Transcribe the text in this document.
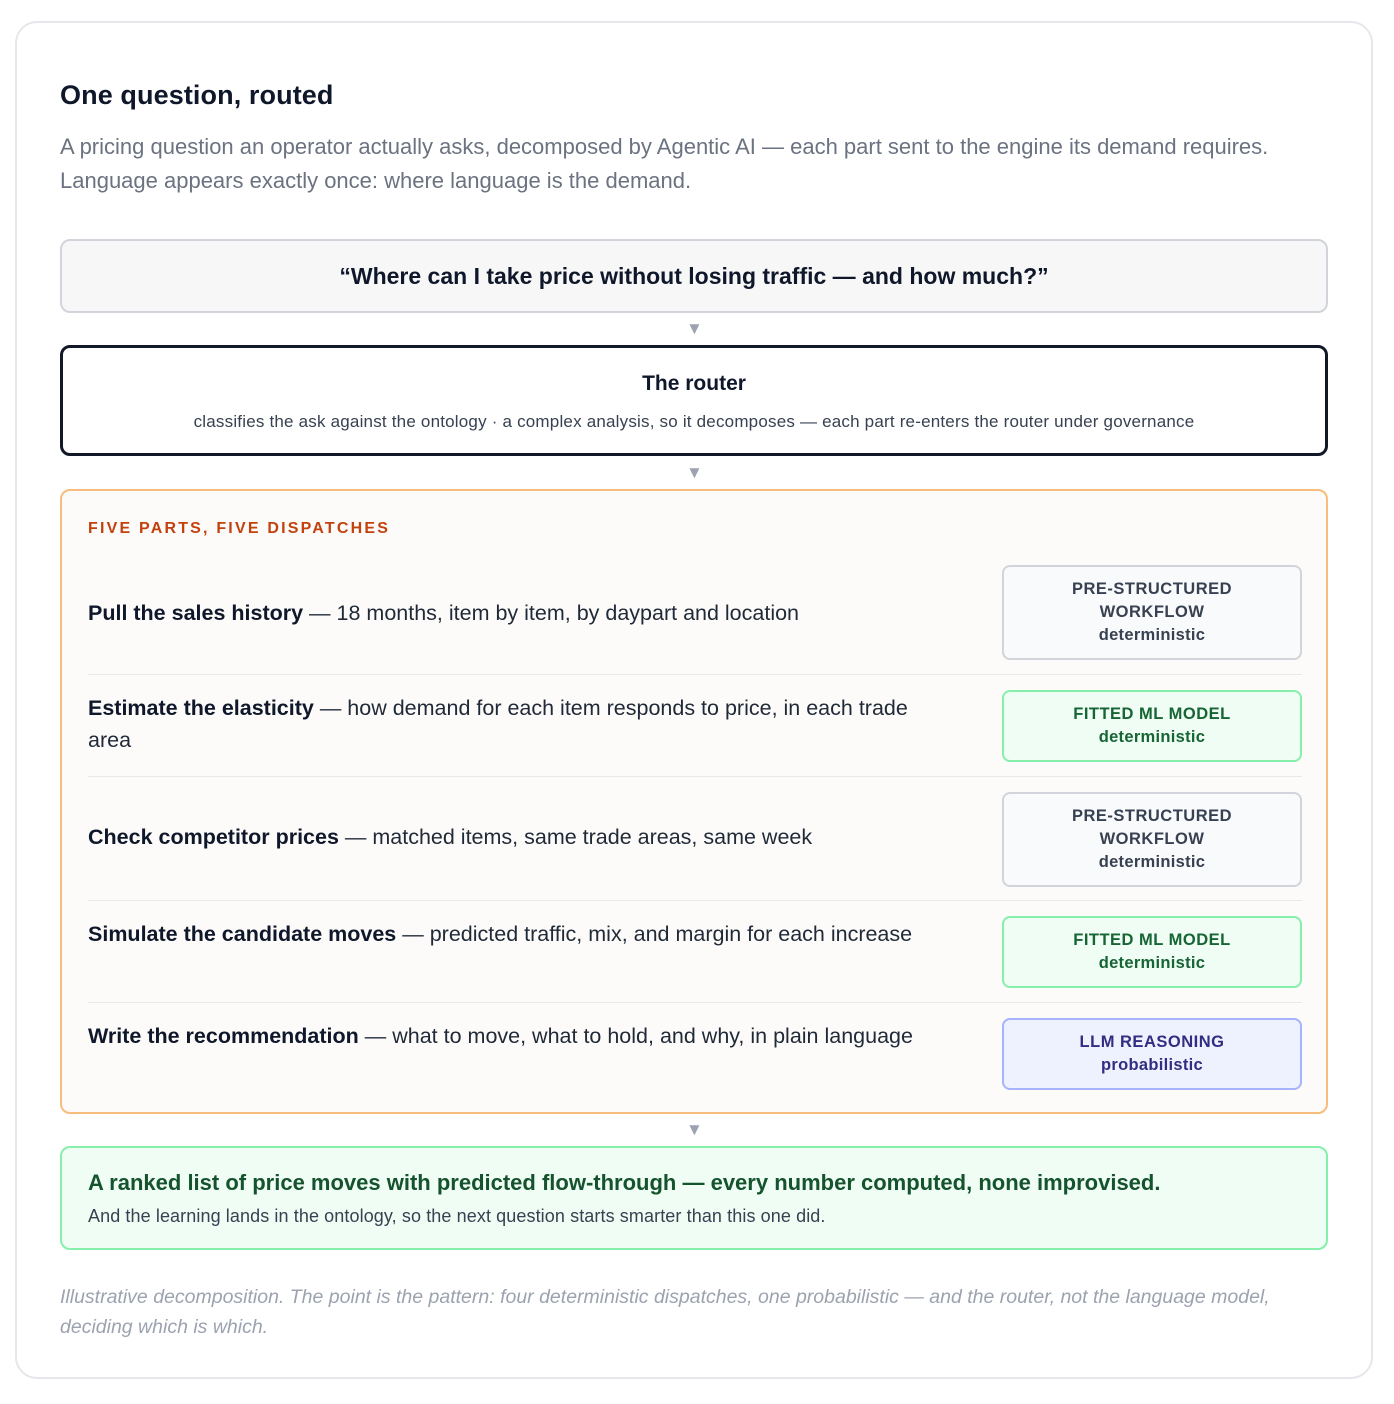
One question, routed

A pricing question an operator actually asks, decomposed by Agentic AI — each part sent to the engine its demand requires. Language appears exactly once: where language is the demand.

“Where can I take price without losing traffic — and how much?”
▼
The router
classifies the ask against the ontology · a complex analysis, so it decomposes — each part re-enters the router under governance
▼
FIVE PARTS, FIVE DISPATCHES
Pull the sales history — 18 months, item by item, by daypart and location
PRE-STRUCTURED WORKFLOW
deterministic
Estimate the elasticity — how demand for each item responds to price, in each trade area
FITTED ML MODEL
deterministic
Check competitor prices — matched items, same trade areas, same week
PRE-STRUCTURED WORKFLOW
deterministic
Simulate the candidate moves — predicted traffic, mix, and margin for each increase	FITTED ML MODEL
deterministic
Write the recommendation — what to move, what to hold, and why, in plain language	LLM REASONING
probabilistic
▼
A ranked list of price moves with predicted flow-through — every number computed, none improvised.
And the learning lands in the ontology, so the next question starts smarter than this one did.

Illustrative decomposition. The point is the pattern: four deterministic dispatches, one probabilistic — and the router, not the language model, deciding which is which.
